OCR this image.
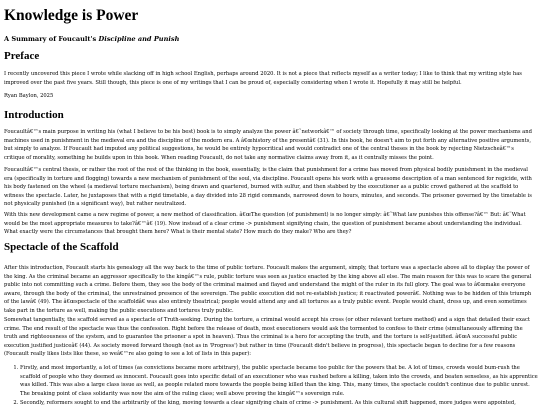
Knowledge is Power
A Summary of Foucault's Discipline and Punish
Preface

I recently uncovered this piece I wrote while slacking off in high school English, perhaps around 2020. It is not a piece that reflects myself as a writer today; I like to think that my writing style has improved over the past five years. Still though, this piece is one of my writings that I can be proud of, especially considering when I wrote it. Hopefully it may still be helpful.

Ryan Baylon, 2025

Introduction

Foucaultâ€™s main purpose in writing his (what I believe to be his best) book is to simply analyze the power â€˜networkâ€™ of society through time, specifically looking at the power mechanisms and machines used in punishment in the medieval era and the discipline of the modern era. A â€œhistory of the presentâ€ (31). In this book, he doesn't aim to put forth any alternative positive arguments, but simply to analyze. If Foucault had imputed any political suggestions, he would be entirely hypocritical and would contradict one of the central theses in the book by rejecting Nietzscheâ€™s critique of morality, something he builds upon in this book. When reading Foucault, do not take any normative claims away from it, as it centrally misses the point.

Foucaultâ€™s central thesis, or rather the root of the rest of the thinking in the book, essentially, is the claim that punishment for a crime has moved from physical bodily punishment in the medieval era (specifically in torture and flogging) towards a new mechanism of punishment of the soul, via discipline. Foucault opens his work with a gruesome description of a man sentenced for regicide, with his body fastened on the wheel (a medieval torture mechanism), being drawn and quartered, burned with sulfur, and then stabbed by the executioner as a public crowd gathered at the scaffold to witness the spectacle. Later, he juxtaposes that with a rigid timetable, a day divided into 28 rigid commands, narrowed down to hours, minutes, and seconds. The prisoner governed by the timetable is not physically punished (in a significant way), but rather neutralized.

With this new development came a new regime of power, a new method of classification. â€œThe question (of punishment) is no longer simply: â€˜What law punishes this offense?â€™ But: â€˜What would be the most appropriate measures to take?â€™â€ (19). Now instead of a clear crime -> punishment signifying chain, the question of punishment became about understanding the individual. What exactly were the circumstances that brought them here? What is their mental state? How much do they make? Who are they?

Spectacle of the Scaffold

After this introduction, Foucault starts his genealogy all the way back to the time of public torture. Foucault makes the argument, simply, that torture was a spectacle above all to display the power of the king. As the criminal became an aggressor specifically to the kingâ€™s rule, public torture was seen as justice enacted by the king above all else. The main reason for this was to scare the general public into not committing such a crime. Before them, they see the body of the criminal maimed and flayed and understand the might of the ruler in its full glory. The goal was to â€œmake everyone aware, through the body of the criminal, the unrestrained presence of the sovereign. The public execution did not re-establish justice; it reactivated powerâ€. Nothing was to be hidden of this triumph of the lawâ€ (49). The â€œspectacle of the scaffoldâ€ was also entirely theatrical; people would attend any and all tortures as a truly public event. People would chant, dress up, and even sometimes take part in the torture as well, making the public executions and tortures truly public.

Somewhat tangentially, the scaffold served as a spectacle of Truth-seeking. During the torture, a criminal would accept his cross (or other relevant torture method) and a sign that detailed their exact crime. The end result of the spectacle was thus the confession. Right before the release of death, most executioners would ask the tormented to confess to their crime (simultaneously affirming the truth and righteousness of the system, and to guarantee the prisoner a spot in heaven). Thus the criminal is a hero for accepting the truth, and the torture is self-justified. â€œA successful public execution justified justiceâ€ (44). As society moved forward though (not as in 'Progress') but rather in time (Foucault didn't believe in progress), this spectacle began to decline for a few reasons (Foucault really likes lists like these, so weâ€™re also going to see a lot of lists in this paper):

1. Firstly, and most importantly, a lot of times (as convictions became more arbitrary), the public spectacle became too public for the powers that be. A lot of times, crowds would bum-rush the scaffold of people who they deemed as innocent. Foucault goes into specific detail of an executioner who was rushed before a killing, taken into the crowds, and beaten senseless, as his apprentice was killed. This was also a large class issue as well, as people related more towards the people being killed than the king. This, many times, the spectacle couldn't continue due to public unrest. The breaking point of class solidarity was now the aim of the ruling class; well above proving the kingâ€™s sovereign rule.
2. Secondly, reformers sought to end the arbitrarily of the king, moving towards a clear signifying chain of crime -> punishment. As this cultural shift happened, more judges were appointed,
